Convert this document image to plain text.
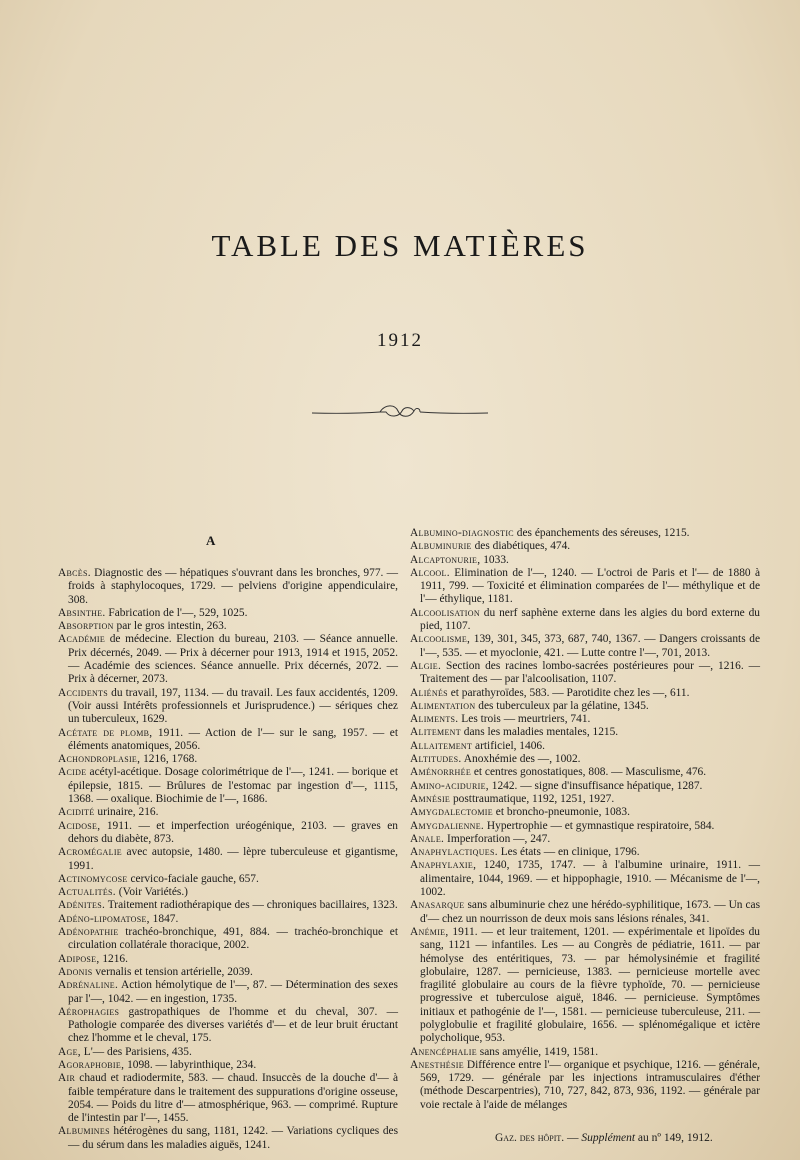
TABLE DES MATIÈRES
1912
A

Abcès. Diagnostic des — hépatiques s'ouvrant dans les bronches, 977. — froids à staphylocoques, 1729. — pelviens d'origine appendiculaire, 308.

Absinthe. Fabrication de l'—, 529, 1025.

Absorption par le gros intestin, 263.

Académie de médecine. Election du bureau, 2103. — Séance annuelle. Prix décernés, 2049. — Prix à décerner pour 1913, 1914 et 1915, 2052. — Académie des sciences. Séance annuelle. Prix décernés, 2072. — Prix à décerner, 2073.

Accidents du travail, 197, 1134. — du travail. Les faux accidentés, 1209. (Voir aussi Intérêts professionnels et Jurisprudence.) — sériques chez un tuberculeux, 1629.

Acétate de plomb, 1911. — Action de l'— sur le sang, 1957. — et éléments anatomiques, 2056.

Achondroplasie, 1216, 1768.

Acide acétyl-acétique. Dosage colorimétrique de l'—, 1241. — borique et épilepsie, 1815. — Brûlures de l'estomac par ingestion d'—, 1115, 1368. — oxalique. Biochimie de l'—, 1686.

Acidité urinaire, 216.

Acidose, 1911. — et imperfection uréogénique, 2103. — graves en dehors du diabète, 873.

Acromégalie avec autopsie, 1480. — lèpre tuberculeuse et gigantisme, 1991.

Actinomycose cervico-faciale gauche, 657.

Actualités. (Voir Variétés.)

Adénites. Traitement radiothérapique des — chroniques bacillaires, 1323.

Adéno-lipomatose, 1847.

Adénopathie trachéo-bronchique, 491, 884. — trachéo-bronchique et circulation collatérale thoracique, 2002.

Adipose, 1216.

Adonis vernalis et tension artérielle, 2039.

Adrénaline. Action hémolytique de l'—, 87. — Détermination des sexes par l'—, 1042. — en ingestion, 1735.

Aérophagies gastropathiques de l'homme et du cheval, 307. — Pathologie comparée des diverses variétés d'— et de leur bruit éructant chez l'homme et le cheval, 175.

Age, L'— des Parisiens, 435.

Agoraphobie, 1098. — labyrinthique, 234.

Air chaud et radiodermite, 583. — chaud. Insuccès de la douche d'— à faible température dans le traitement des suppurations d'origine osseuse, 2054. — Poids du litre d'— atmosphérique, 963. — comprimé. Rupture de l'intestin par l'—, 1455.

Albumines hétérogènes du sang, 1181, 1242. — Variations cycliques des — du sérum dans les maladies aiguës, 1241.

Albumino-diagnostic des épanchements des séreuses, 1215.

Albuminurie des diabétiques, 474.

Alcaptonurie, 1033.

Alcool. Elimination de l'—, 1240. — L'octroi de Paris et l'— de 1880 à 1911, 799. — Toxicité et élimination comparées de l'— méthylique et de l'— éthylique, 1181.

Alcoolisation du nerf saphène externe dans les algies du bord externe du pied, 1107.

Alcoolisme, 139, 301, 345, 373, 687, 740, 1367. — Dangers croissants de l'—, 535. — et myoclonie, 421. — Lutte contre l'—, 701, 2013.

Algie. Section des racines lombo-sacrées postérieures pour —, 1216. — Traitement des — par l'alcoolisation, 1107.

Aliénés et parathyroïdes, 583. — Parotidite chez les —, 611.

Alimentation des tuberculeux par la gélatine, 1345.

Aliments. Les trois — meurtriers, 741.

Alitement dans les maladies mentales, 1215.

Allaitement artificiel, 1406.

Altitudes. Anoxhémie des —, 1002.

Aménorrhée et centres gonostatiques, 808. — Masculisme, 476.

Amino-acidurie, 1242. — signe d'insuffisance hépatique, 1287.

Amnésie posttraumatique, 1192, 1251, 1927.

Amygdalectomie et broncho-pneumonie, 1083.

Amygdalienne. Hypertrophie — et gymnastique respiratoire, 584.

Anale. Imperforation —, 247.

Anaphylactiques. Les états — en clinique, 1796.

Anaphylaxie, 1240, 1735, 1747. — à l'albumine urinaire, 1911. — alimentaire, 1044, 1969. — et hippophagie, 1910. — Mécanisme de l'—, 1002.

Anasarque sans albuminurie chez une hérédo-syphilitique, 1673. — Un cas d'— chez un nourrisson de deux mois sans lésions rénales, 341.

Anémie, 1911. — et leur traitement, 1201. — expérimentale et lipoïdes du sang, 1121 — infantiles. Les — au Congrès de pédiatrie, 1611. — par hémolyse des entéritiques, 73. — par hémolysinémie et fragilité globulaire, 1287. — pernicieuse, 1383. — pernicieuse mortelle avec fragilité globulaire au cours de la fièvre typhoïde, 70. — pernicieuse progressive et tuberculose aiguë, 1846. — pernicieuse. Symptômes initiaux et pathogénie de l'—, 1581. — pernicieuse tuberculeuse, 211. — polyglobulie et fragilité globulaire, 1656. — splénomégalique et ictère polycholique, 953.

Anencéphalie sans amyélie, 1419, 1581.

Anesthésie Différence entre l'— organique et psychique, 1216. — générale, 569, 1729. — générale par les injections intramusculaires d'éther (méthode Descarpentries), 710, 727, 842, 873, 936, 1192. — générale par voie rectale à l'aide de mélanges

Gaz. des hôpit. — Supplément au nº 149, 1912.
